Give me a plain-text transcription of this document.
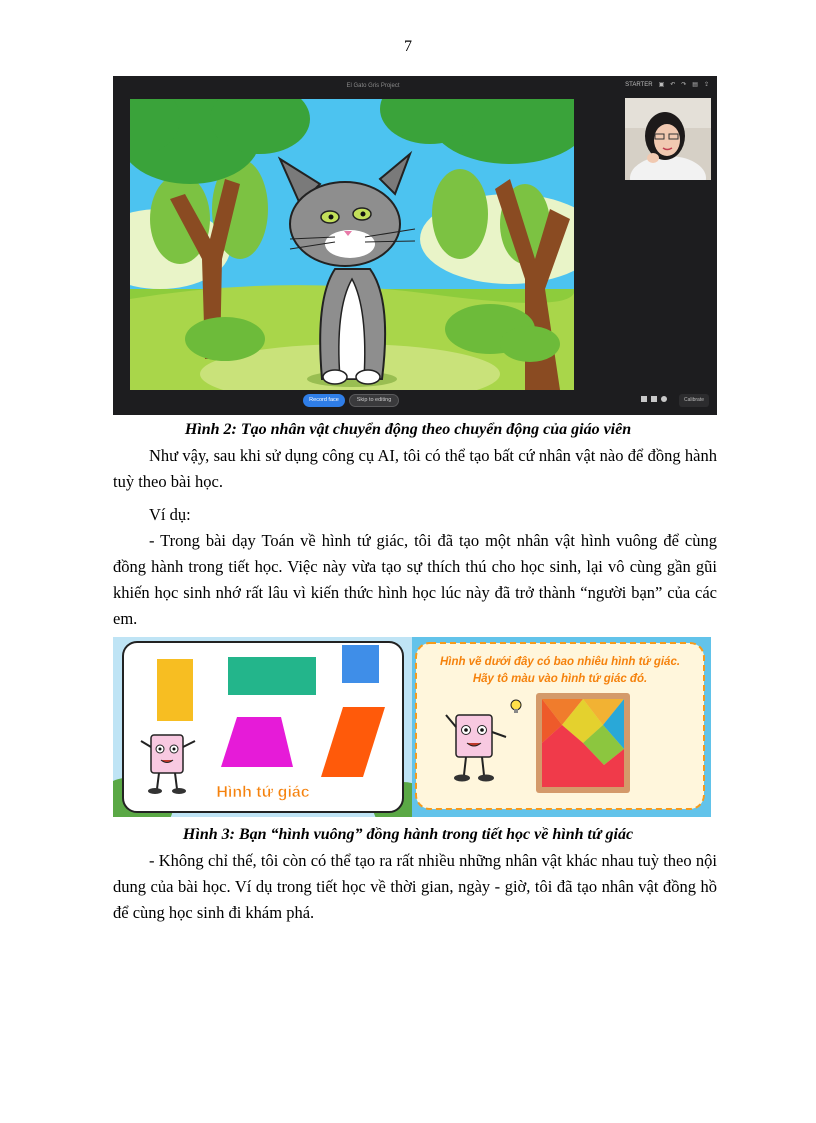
7
El Gato Gris Project	STARTER ▣ ↶ ↷ ▤ ⇪
Record face	Skip to editing	Calibrate
Hình 2: Tạo nhân vật chuyển động theo chuyển động của giáo viên
Như vậy, sau khi sử dụng công cụ AI, tôi có thể tạo bất cứ nhân vật nào để đồng hành tuỳ theo bài học.
Ví dụ:
- Trong bài dạy Toán về hình tứ giác, tôi đã tạo một nhân vật hình vuông để cùng đồng hành trong tiết học. Việc này vừa tạo sự thích thú cho học sinh, lại vô cùng gần gũi khiến học sinh nhớ rất lâu vì kiến thức hình học lúc này đã trở thành “người bạn” của các em.
Hình tứ giác
Hình vẽ dưới đây có bao nhiêu hình tứ giác.
Hãy tô màu vào hình tứ giác đó.
Hình 3: Bạn “hình vuông” đồng hành trong tiết học về hình tứ giác
- Không chỉ thế, tôi còn có thể tạo ra rất nhiều những nhân vật khác nhau tuỳ theo nội dung của bài học. Ví dụ trong tiết học về thời gian, ngày - giờ, tôi đã tạo nhân vật đồng hồ để cùng học sinh đi khám phá.
